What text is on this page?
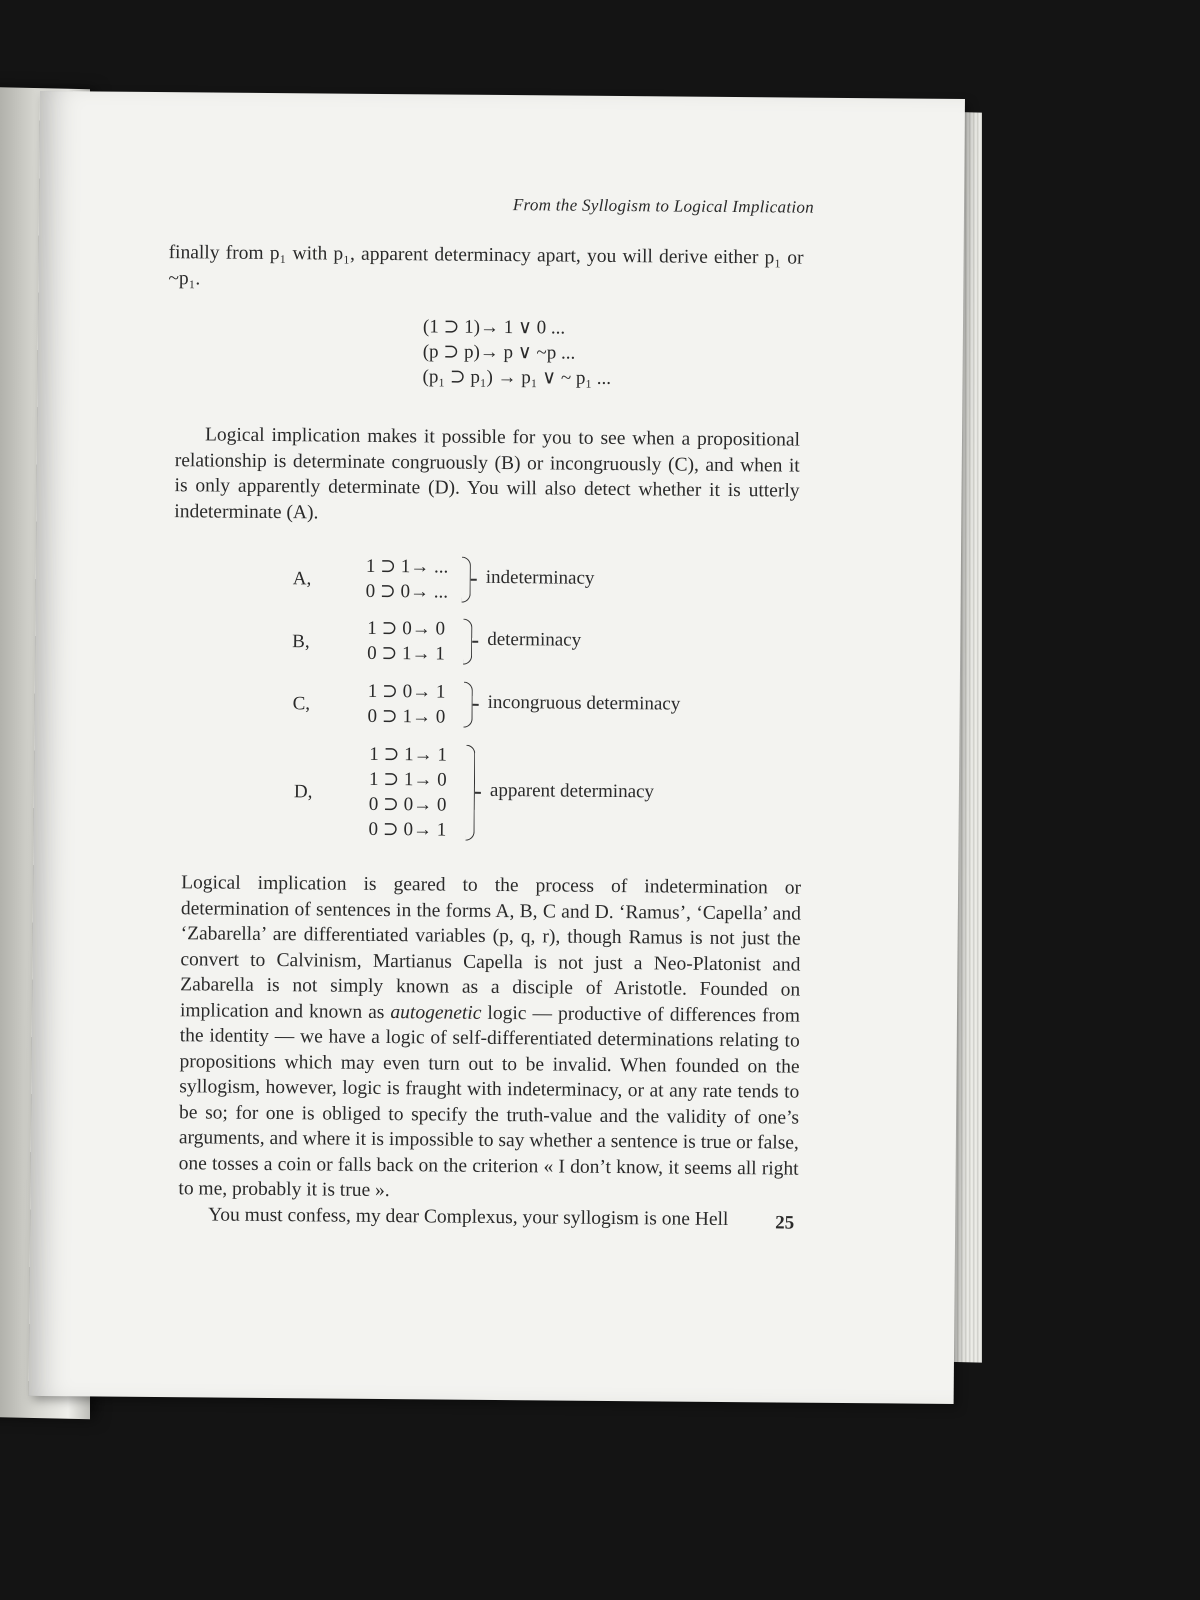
From the Syllogism to Logical Implication

finally from p₁ with p₁, apparent determinacy apart, you will derive either p₁ or ~p₁.

(1 ⊃ 1)→ 1 ∨ 0 ...
(p ⊃ p)→ p ∨ ~p ...
(p₁ ⊃ p₁) → p₁ ∨ ~ p₁ ...

Logical implication makes it possible for you to see when a propositional relationship is determinate congruously (B) or incongruously (C), and when it is only apparently determinate (D). You will also detect whether it is utterly indeterminate (A).

A,
1 ⊃ 1→ ...
0 ⊃ 0→ ...
indeterminacy
B,
1 ⊃ 0→ 0
0 ⊃ 1→ 1
determinacy
C,
1 ⊃ 0→ 1
0 ⊃ 1→ 0
incongruous determinacy
D,
1 ⊃ 1→ 1
1 ⊃ 1→ 0
0 ⊃ 0→ 0
0 ⊃ 0→ 1
apparent determinacy

Logical implication is geared to the process of indetermination or determination of sentences in the forms A, B, C and D. ‘Ramus’, ‘Capella’ and ‘Zabarella’ are differentiated variables (p, q, r), though Ramus is not just the convert to Calvinism, Martianus Capella is not just a Neo-Platonist and Zabarella is not simply known as a disciple of Aristotle. Founded on implication and known as autogenetic logic — productive of differences from the identity — we have a logic of self-differentiated determinations relating to propositions which may even turn out to be invalid. When founded on the syllogism, however, logic is fraught with indeterminacy, or at any rate tends to be so; for one is obliged to specify the truth-value and the validity of one’s arguments, and where it is impossible to say whether a sentence is true or false, one tosses a coin or falls back on the criterion « I don’t know, it seems all right to me, probably it is true ».
You must confess, my dear Complexus, your syllogism is one Hell	25
